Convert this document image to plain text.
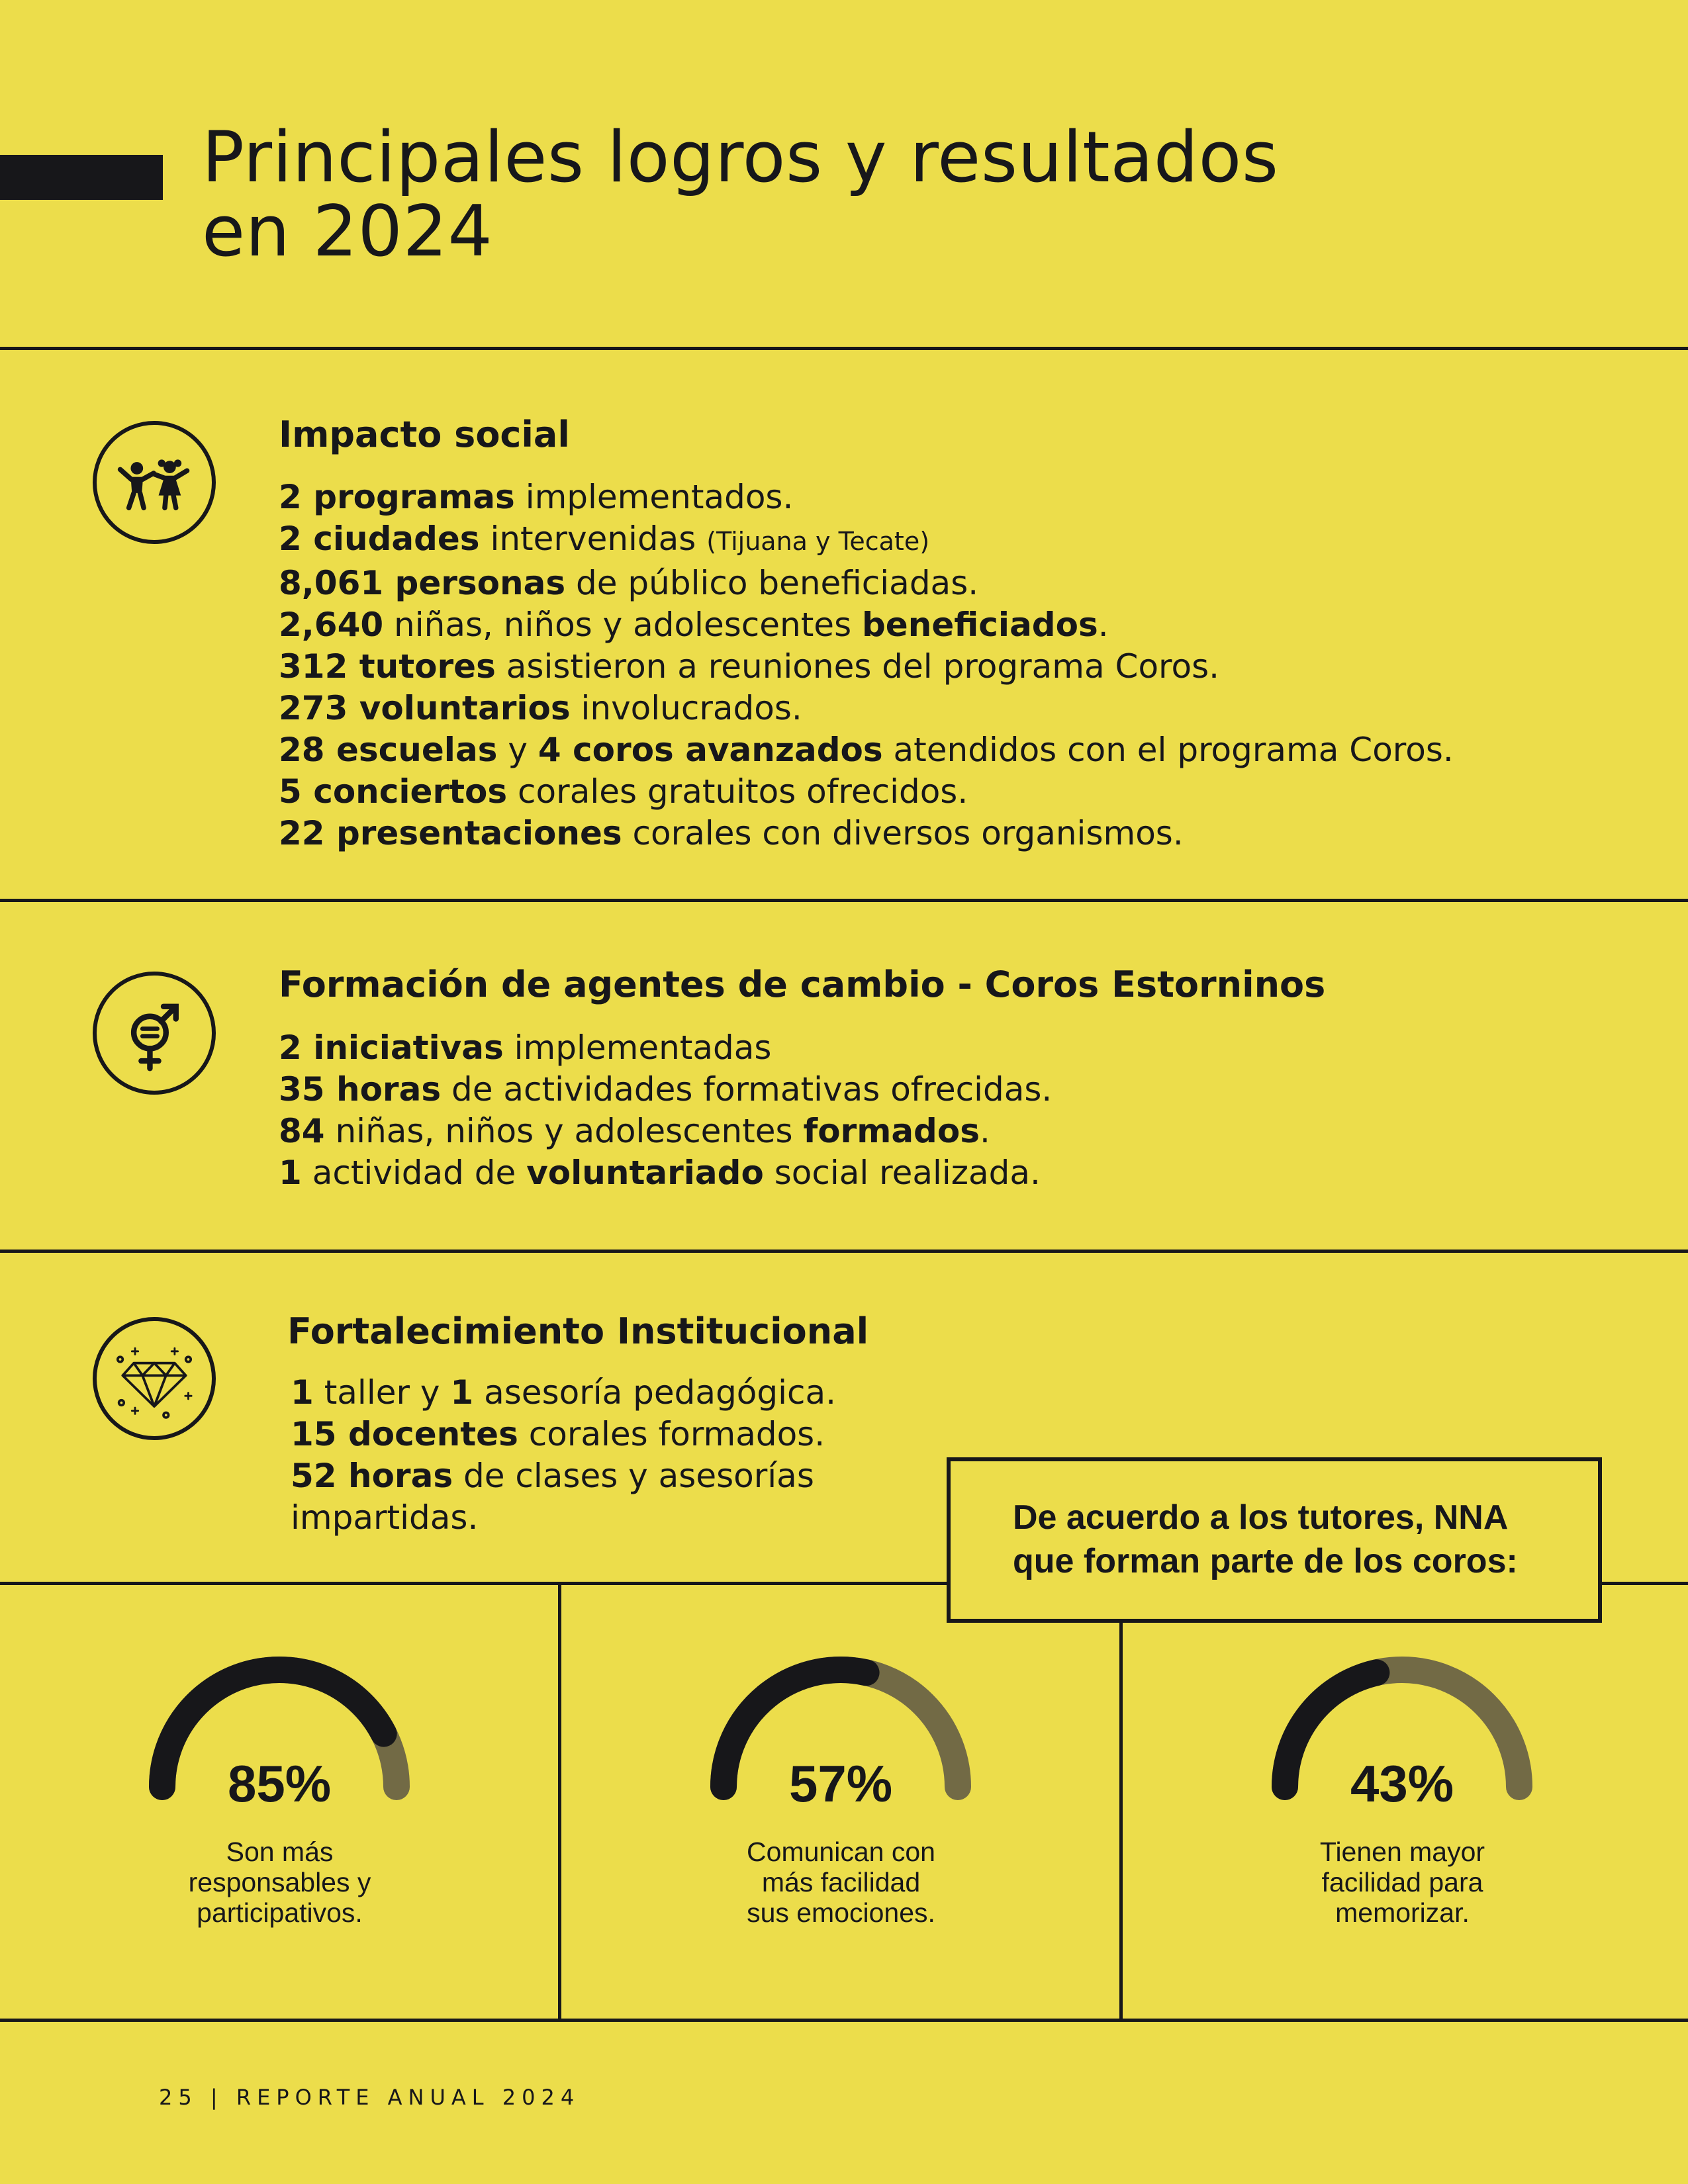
Principales logros y resultados
en 2024
Impacto social
2 programas implementados.
2 ciudades intervenidas (Tijuana y Tecate)
8,061 personas de público beneficiadas.
2,640 niñas, niños y adolescentes beneficiados.
312 tutores asistieron a reuniones del programa Coros.
273 voluntarios involucrados.
28 escuelas y 4 coros avanzados atendidos con el programa Coros.
5 conciertos corales gratuitos ofrecidos.
22 presentaciones corales con diversos organismos.
Formación de agentes de cambio - Coros Estorninos
2 iniciativas implementadas
35 horas de actividades formativas ofrecidas.
84 niñas, niños y adolescentes formados.
1 actividad de voluntariado social realizada.
Fortalecimiento Institucional
1 taller y 1 asesoría pedagógica.
15 docentes corales formados.
52 horas de clases y asesorías
impartidas.	De acuerdo a los tutores, NNA
que forman parte de los coros:
85%
Son más
responsables y
participativos.
57%
Comunican con
más facilidad
sus emociones.
43%
Tienen mayor
facilidad para
memorizar.
25 | REPORTE ANUAL 2024
